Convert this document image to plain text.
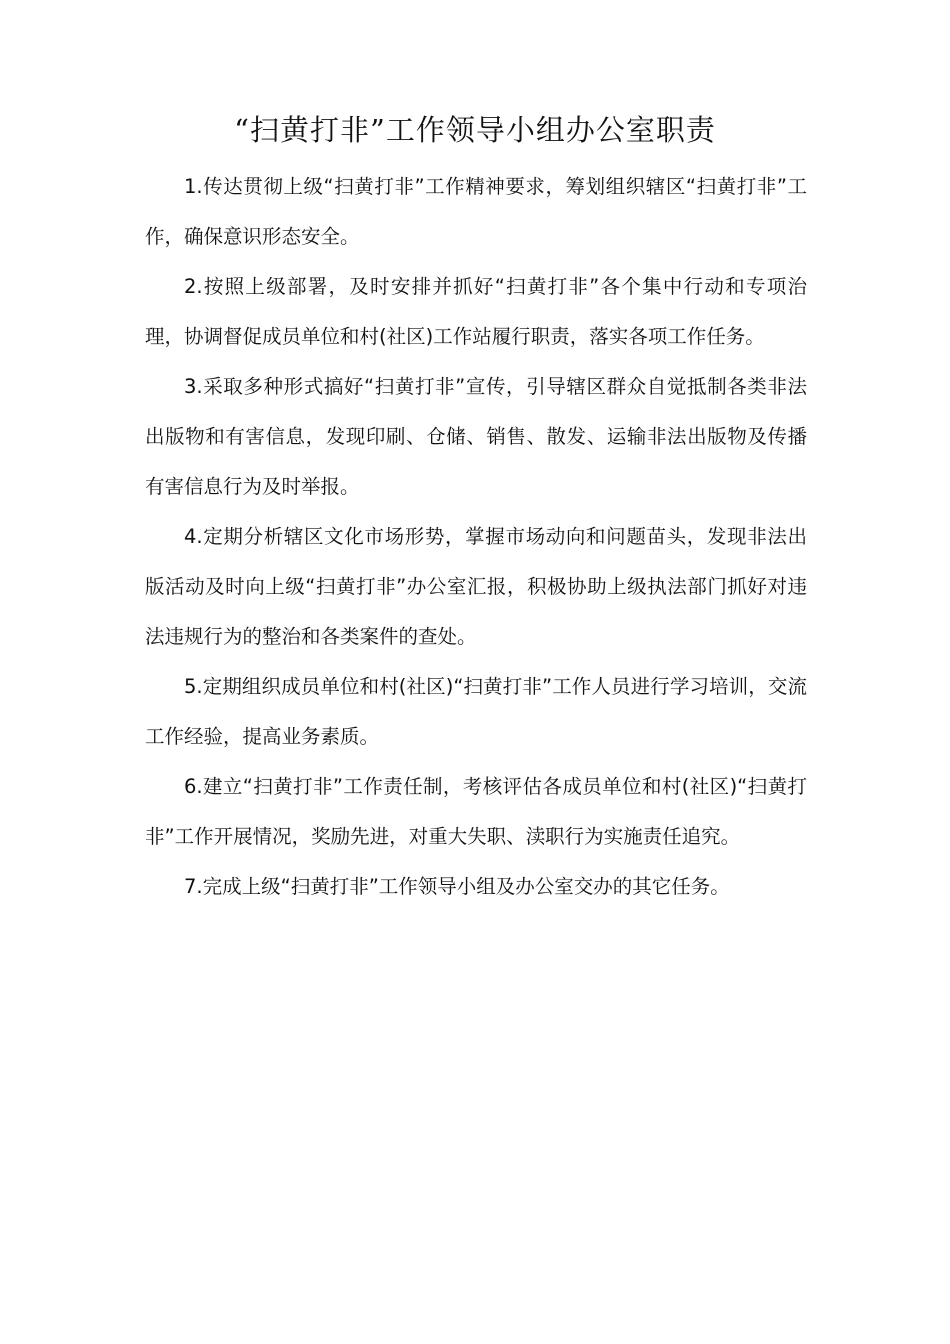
“扫黄打非”工作领导小组办公室职责

1.传达贯彻上级“扫黄打非”工作精神要求，筹划组织辖区“扫黄打非”工作，确保意识形态安全。

2.按照上级部署，及时安排并抓好“扫黄打非”各个集中行动和专项治理，协调督促成员单位和村(社区)工作站履行职责，落实各项工作任务。

3.采取多种形式搞好“扫黄打非”宣传，引导辖区群众自觉抵制各类非法出版物和有害信息，发现印刷、仓储、销售、散发、运输非法出版物及传播有害信息行为及时举报。

4.定期分析辖区文化市场形势，掌握市场动向和问题苗头，发现非法出版活动及时向上级“扫黄打非”办公室汇报，积极协助上级执法部门抓好对违法违规行为的整治和各类案件的查处。

5.定期组织成员单位和村(社区)“扫黄打非”工作人员进行学习培训，交流工作经验，提高业务素质。

6.建立“扫黄打非”工作责任制，考核评估各成员单位和村(社区)“扫黄打非”工作开展情况，奖励先进，对重大失职、渎职行为实施责任追究。

7.完成上级“扫黄打非”工作领导小组及办公室交办的其它任务。
